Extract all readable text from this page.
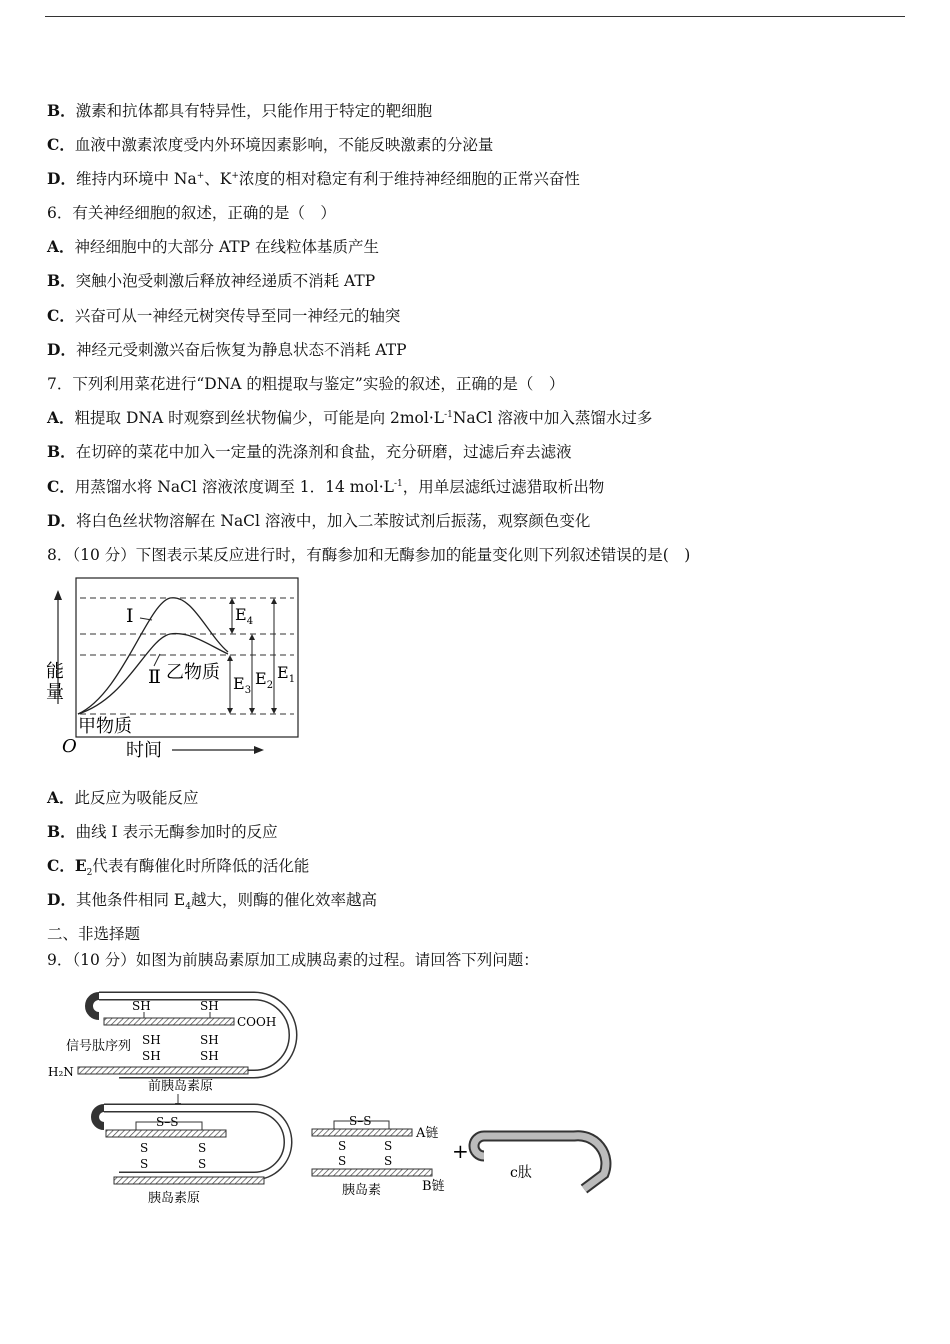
B．激素和抗体都具有特异性，只能作用于特定的靶细胞
C．血液中激素浓度受内外环境因素影响，不能反映激素的分泌量
D．维持内环境中 Na+、K+浓度的相对稳定有利于维持神经细胞的正常兴奋性
6．有关神经细胞的叙述，正确的是（　）
A．神经细胞中的大部分 ATP 在线粒体基质产生
B．突触小泡受刺激后释放神经递质不消耗 ATP
C．兴奋可从一神经元树突传导至同一神经元的轴突
D．神经元受刺激兴奋后恢复为静息状态不消耗 ATP
7．下列利用菜花进行“DNA 的粗提取与鉴定”实验的叙述，正确的是（　）
A．粗提取 DNA 时观察到丝状物偏少，可能是向 $2mol\cdot L^{-1}NaCl$ 溶液中加入蒸馏水过多
B．在切碎的菜花中加入一定量的洗涤剂和食盐，充分研磨，过滤后弃去滤液
C．用蒸馏水将 NaCl 溶液浓度调至 1．14 $mol\cdot L^{-1}$，用单层滤纸过滤猎取析出物
D．将白色丝状物溶解在 NaCl 溶液中，加入二苯胺试剂后振荡，观察颜色变化
8．（10 分）下图表示某反应进行时，有酶参加和无酶参加的能量变化则下列叙述错误的是(　)
Ⅰ
Ⅱ 乙物质
甲物质
$E_4$
$E_3$
$E_2$
$E_1$
能
量
O	时间
A．此反应为吸能反应
B．曲线 I 表示无酶参加时的反应
C．$E_2$代表有酶催化时所降低的活化能
D．其他条件相同 $E_4$越大，则酶的催化效率越高
二、非选择题
9．（10 分）如图为前胰岛素原加工成胰岛素的过程。请回答下列问题：
SH	SH
COOH
SH	SH
SH	SH
信号肽序列
H₂N
前胰岛素原
S–S
S
S
S
S
胰岛素原
S–S
A链
S
S
S
S
胰岛素	B链
+
c肽
